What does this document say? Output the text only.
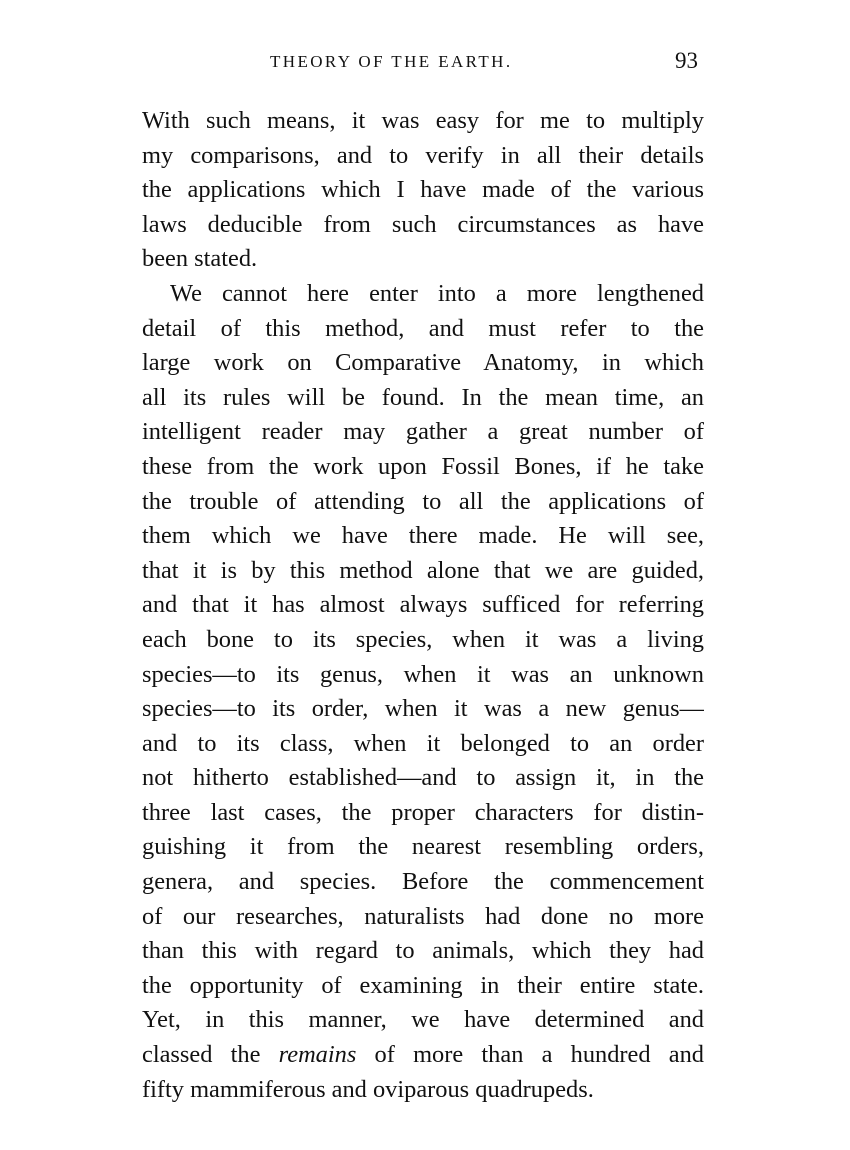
THEORY OF THE EARTH.	93
With such means, it was easy for me to multiply
my comparisons, and to verify in all their details
the applications which I have made of the various
laws deducible from such circumstances as have
been stated.
We cannot here enter into a more lengthened
detail of this method, and must refer to the
large work on Comparative Anatomy, in which
all its rules will be found. In the mean time, an
intelligent reader may gather a great number of
these from the work upon Fossil Bones, if he take
the trouble of attending to all the applications of
them which we have there made. He will see,
that it is by this method alone that we are guided,
and that it has almost always sufficed for referring
each bone to its species, when it was a living
species—to its genus, when it was an unknown
species—to its order, when it was a new genus—
and to its class, when it belonged to an order
not hitherto established—and to assign it, in the
three last cases, the proper characters for distin-
guishing it from the nearest resembling orders,
genera, and species. Before the commencement
of our researches, naturalists had done no more
than this with regard to animals, which they had
the opportunity of examining in their entire state.
Yet, in this manner, we have determined and
classed the remains of more than a hundred and
fifty mammiferous and oviparous quadrupeds.
